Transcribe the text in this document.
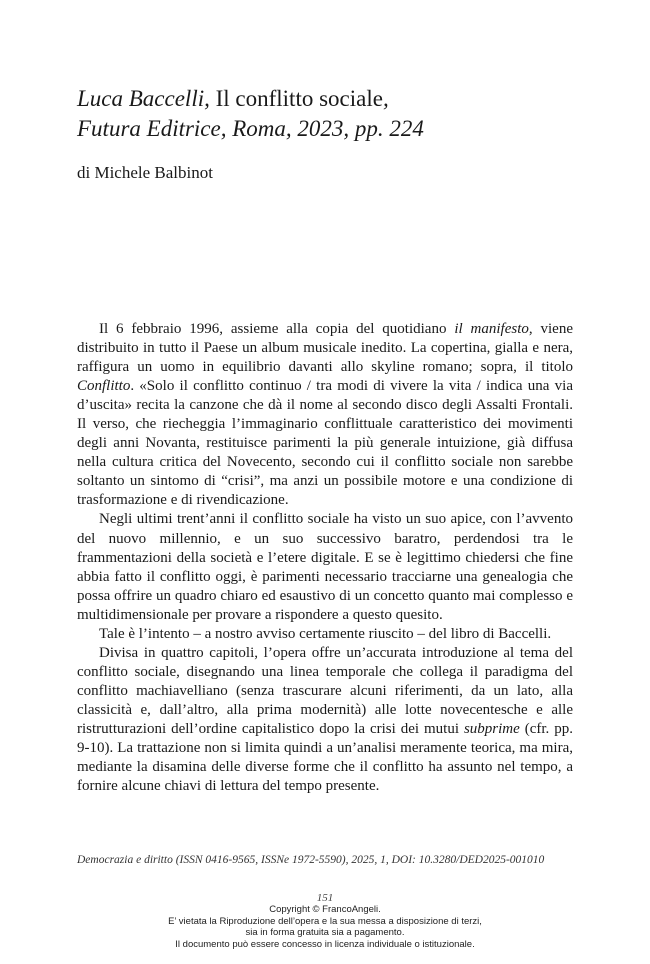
Luca Baccelli, Il conflitto sociale,
Futura Editrice, Roma, 2023, pp. 224
di Michele Balbinot

Il 6 febbraio 1996, assieme alla copia del quotidiano il manifesto, viene distribuito in tutto il Paese un album musicale inedito. La copertina, gialla e nera, raffigura un uomo in equilibrio davanti allo skyline romano; sopra, il titolo Conflitto. «Solo il conflitto continuo / tra modi di vivere la vita / indica una via d’uscita» recita la canzone che dà il nome al secondo disco degli Assalti Frontali. Il verso, che riecheggia l’immaginario conflittuale caratteristico dei movimenti degli anni Novanta, restituisce parimenti la più generale intuizione, già diffusa nella cultura critica del Novecento, secondo cui il conflitto sociale non sarebbe soltanto un sintomo di “crisi”, ma anzi un possibile motore e una condizione di trasformazione e di rivendicazione.

Negli ultimi trent’anni il conflitto sociale ha visto un suo apice, con l’avvento del nuovo millennio, e un suo successivo baratro, perdendosi tra le frammentazioni della società e l’etere digitale. E se è legittimo chiedersi che fine abbia fatto il conflitto oggi, è parimenti necessario tracciarne una genealogia che possa offrire un quadro chiaro ed esaustivo di un concetto quanto mai complesso e multidimensionale per provare a rispondere a questo quesito.

Tale è l’intento – a nostro avviso certamente riuscito – del libro di Baccelli.

Divisa in quattro capitoli, l’opera offre un’accurata introduzione al tema del conflitto sociale, disegnando una linea temporale che collega il paradigma del conflitto machiavelliano (senza trascurare alcuni riferimenti, da un lato, alla classicità e, dall’altro, alla prima modernità) alle lotte novecentesche e alle ristrutturazioni dell’ordine capitalistico dopo la crisi dei mutui subprime (cfr. pp. 9-10). La trattazione non si limita quindi a un’analisi meramente teorica, ma mira, mediante la disamina delle diverse forme che il conflitto ha assunto nel tempo, a fornire alcune chiavi di lettura del tempo presente.

Democrazia e diritto (ISSN 0416-9565, ISSNe 1972-5590), 2025, 1, DOI: 10.3280/DED2025-001010
151
Copyright © FrancoAngeli.
E’ vietata la Riproduzione dell’opera e la sua messa a disposizione di terzi,
sia in forma gratuita sia a pagamento.
Il documento può essere concesso in licenza individuale o istituzionale.
